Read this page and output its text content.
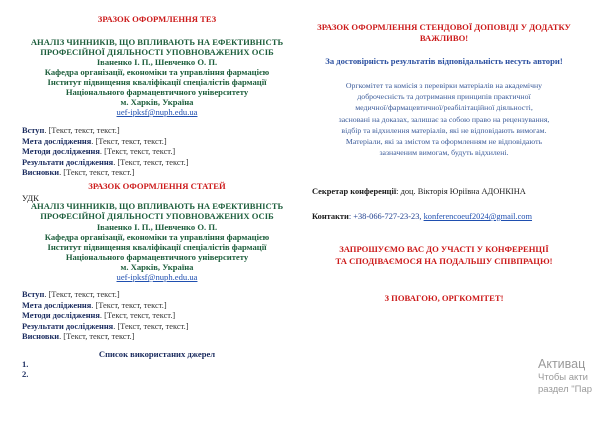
ЗРАЗОК ОФОРМЛЕННЯ ТЕЗ
АНАЛІЗ ЧИННИКІВ, ЩО ВПЛИВАЮТЬ НА ЕФЕКТИВНІСТЬ
ПРОФЕСІЙНОЇ ДІЯЛЬНОСТІ УПОВНОВАЖЕНИХ ОСІБ
Іваненко І. П., Шевченко О. П.
Кафедра організації, економіки та управління фармацією
Інститут підвищення кваліфікації спеціалістів фармації
Національного фармацевтичного університету
м. Харків, Україна
uef-ipksf@nuph.edu.ua
Вступ. [Текст, текст, текст.]
Мета дослідження. [Текст, текст, текст.]
Методи дослідження. [Текст, текст, текст.]
Результати дослідження. [Текст, текст, текст.]
Висновки. [Текст, текст, текст.]
ЗРАЗОК ОФОРМЛЕННЯ СТАТЕЙ
УДК
АНАЛІЗ ЧИННИКІВ, ЩО ВПЛИВАЮТЬ НА ЕФЕКТИВНІСТЬ
ПРОФЕСІЙНОЇ ДІЯЛЬНОСТІ УПОВНОВАЖЕНИХ ОСІБ
Іваненко І. П., Шевченко О. П.
Кафедра організації, економіки та управління фармацією
Інститут підвищення кваліфікації спеціалістів фармації
Національного фармацевтичного університету
м. Харків, Україна
uef-ipksf@nuph.edu.ua
Вступ. [Текст, текст, текст.]
Мета дослідження. [Текст, текст, текст.]
Методи дослідження. [Текст, текст, текст.]
Результати дослідження. [Текст, текст, текст.]
Висновки. [Текст, текст, текст.]
Список використаних джерел
1.
2.
ЗРАЗОК ОФОРМЛЕННЯ СТЕНДОВОЇ ДОПОВІДІ У ДОДАТКУ
ВАЖЛИВО!
За достовірність результатів відповідальність несуть автори!
Оргкомітет та комісія з перевірки матеріалів на академічну
доброчесність та дотримання принципів практичної
медичної/фармацевтичної/реабілітаційної діяльності,
засновані на доказах, залишає за собою право на рецензування,
відбір та відхилення матеріалів, які не відповідають вимогам.
Матеріали, які за змістом та оформленням не відповідають
зазначеним вимогам, будуть відхилені.
Секретар конференції: доц. Вікторія Юріївна АДОНКІНА
Контакти: +38-066-727-23-23, konferencoeuf2024@gmail.com
ЗАПРОШУЄМО ВАС ДО УЧАСТІ У КОНФЕРЕНЦІЇ
ТА СПОДІВАЄМОСЯ НА ПОДАЛЬШУ СПІВПРАЦЮ!
З ПОВАГОЮ, ОРГКОМІТЕТ!
Активац
Чтобы акти
раздел "Пар
